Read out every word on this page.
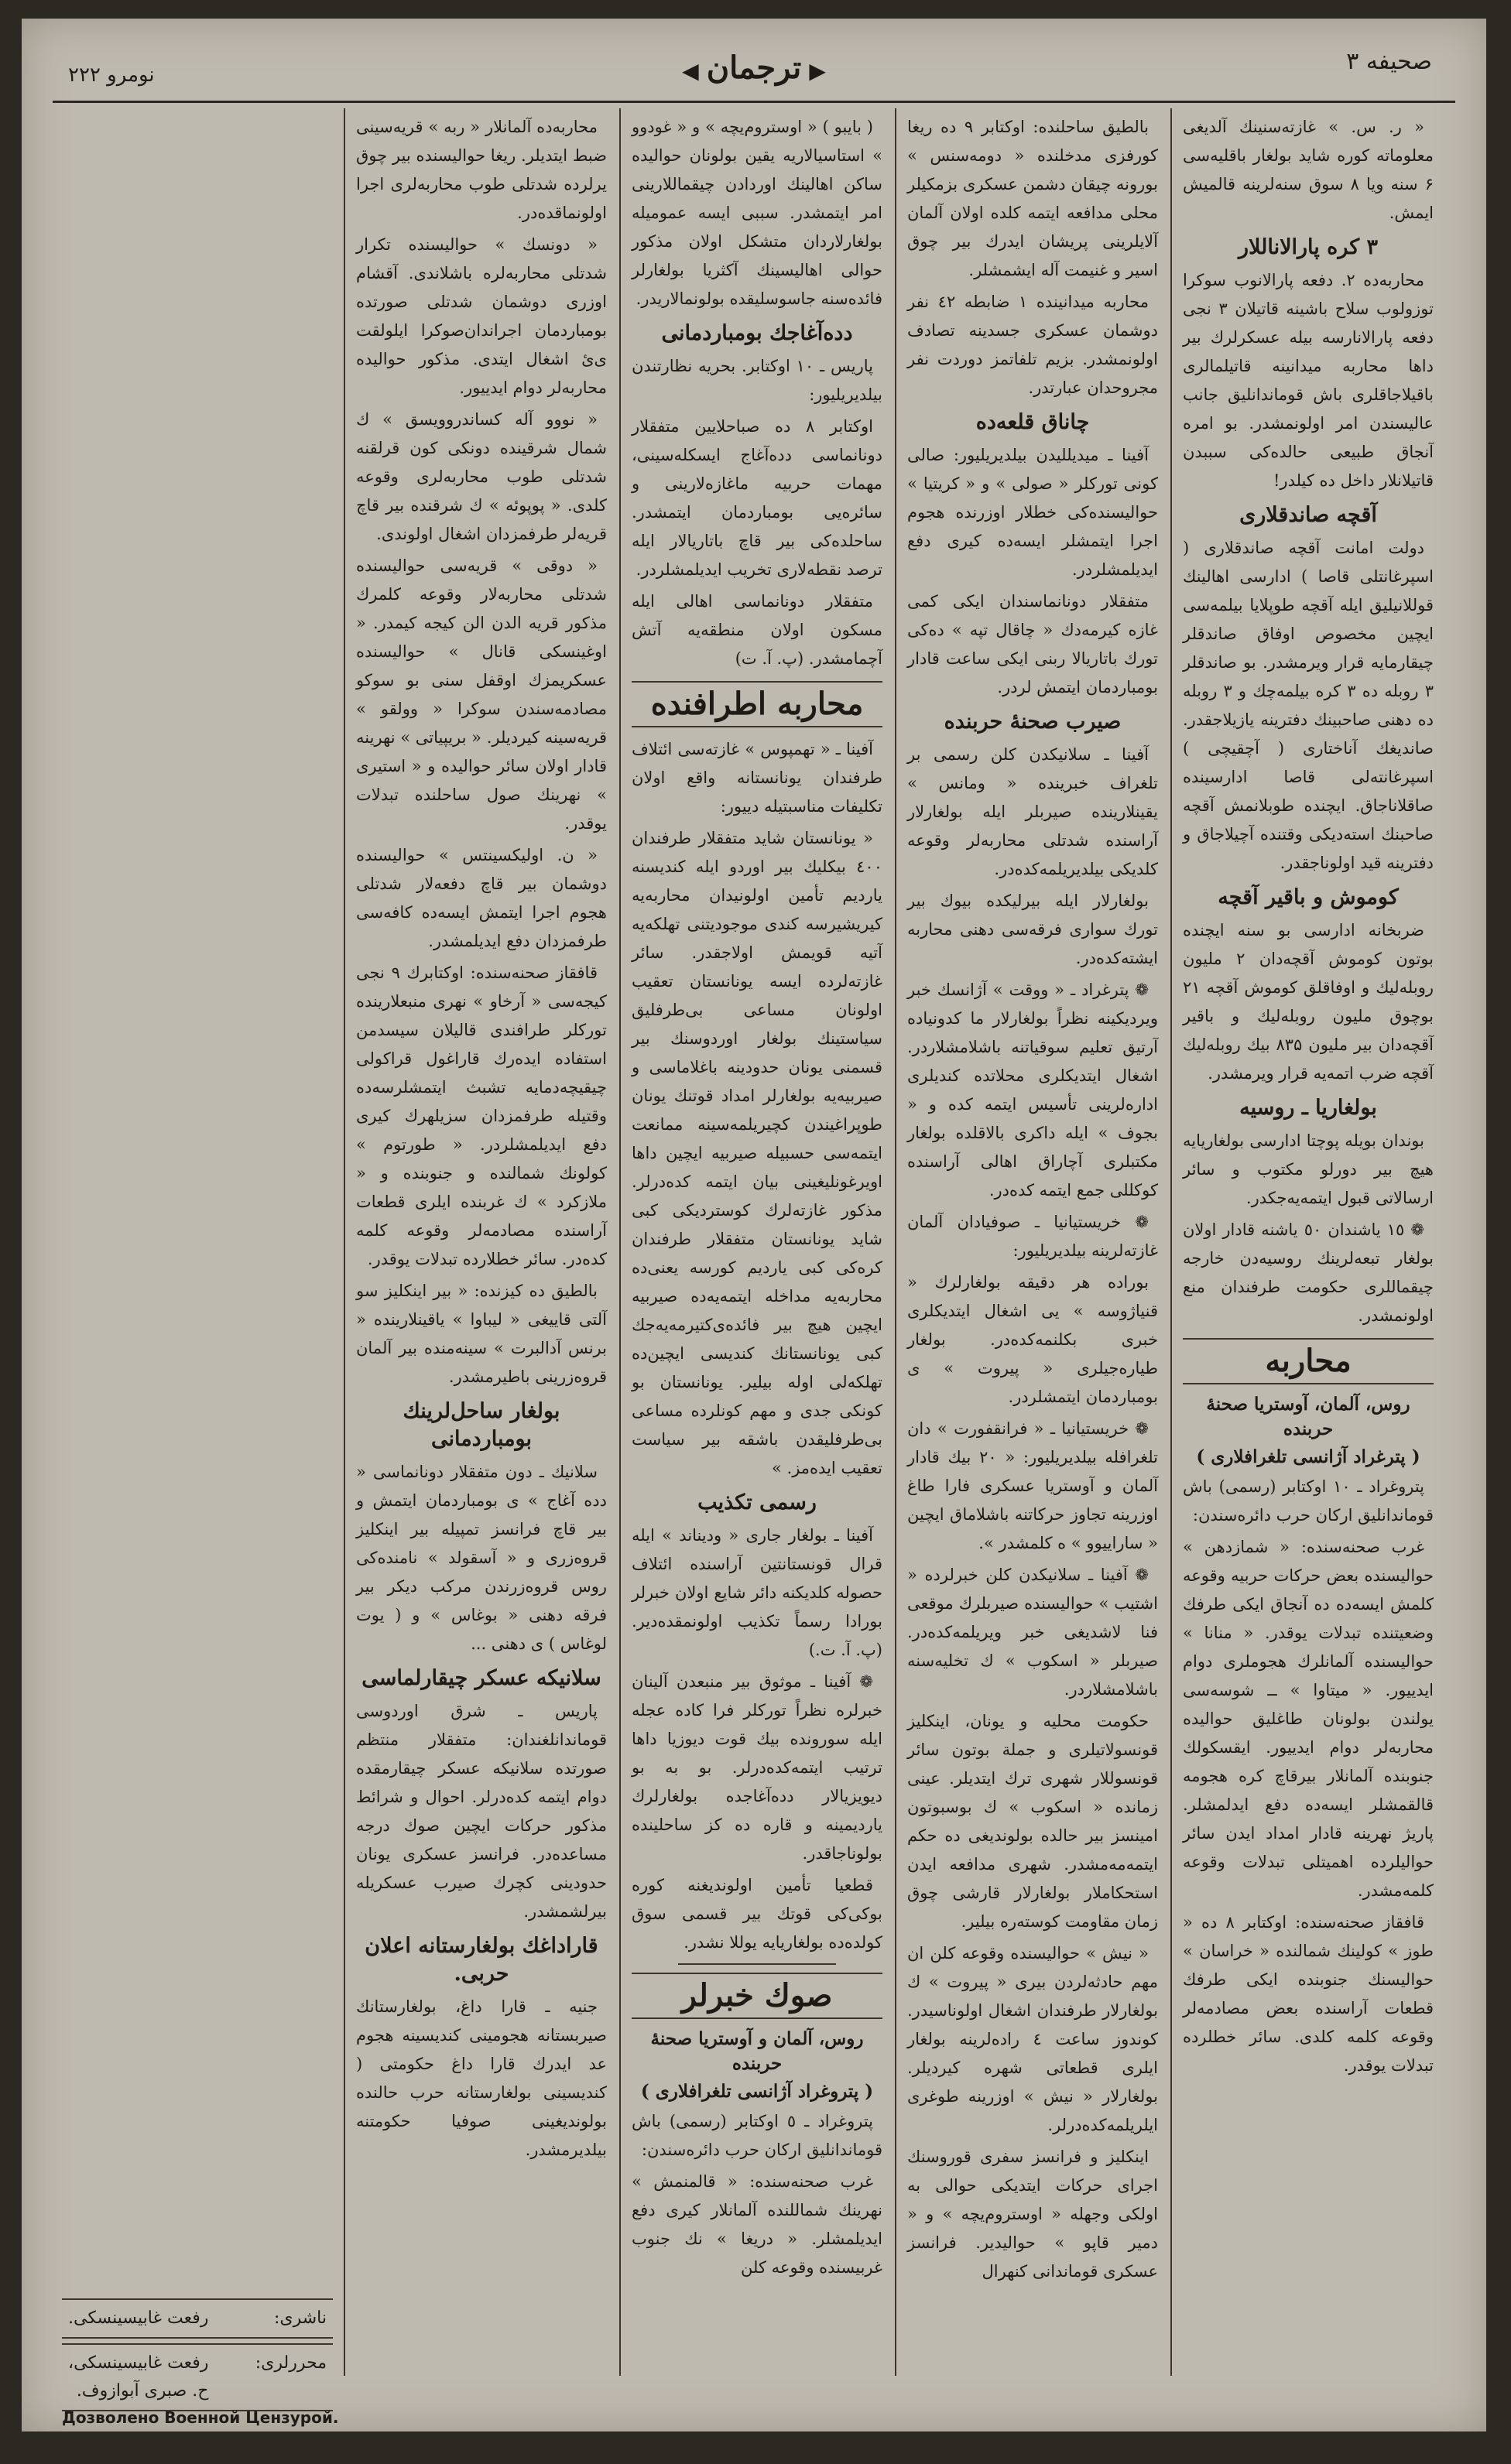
صحیفه ٣
▶ترجمان◀
نومرو ٢٢٢

« ر. س. » غازته‌سنینك آلدیغی معلوماته كوره شاید بولغار باقلیه‌سی ۶ سنه ویا ۸ سوق سنه‌لرینه قالمیش ایمش.

۳ كره پارالاناللار

محاربه‌ده ۲. دفعه پارالانوب سوكرا توزولوب سلاح باشینه قاتیلان ۳ نجی دفعه پارالانارسه بیله عسكرلرك بیر داها محاربه میدانینه قاتیلمالری باقیلاجاقلری باش قوماندانلیق جانب عالیسندن امر اولونمشدر. بو امره آنجاق طبیعی حالده‌كی سببدن قاتیلانلار داخل ده كیلدر!

آقچه صاندقلاری

دولت امانت آقچه صاندقلاری ( اسپرغانتلی قاصا ) ادارسی اهالینك قوللانیلیق ایله آقچه طوپلایا بیلمه‌سی ایچین مخصوص اوفاق صاندقلر چیقارمایه قرار ویرمشدر. بو صاندقلر ۳ روبله ده ۳ كره بیلمه‌چك و ۳ روبله ده دهنی صاحبینك دفترینه یازیلاجقدر. صاندیغك آناختاری ( آچقیچی ) اسپرغانته‌لی قاصا ادارسینده صاقلاناجاق. ایچنده طوبلانمش آقچه صاحبنك استه‌دیكی وقتنده آچیلاجاق و دفترینه قید اولوناجقدر.

كوموش و باقیر آقچه

ضربخانه ادارسی بو سنه ایچنده بوتون كوموش آقچه‌دان ۲ ملیون روبله‌لیك و اوفاقلق كوموش آقچه ۲۱ بوچوق ملیون روبله‌لیك و باقیر آقچه‌دان بیر ملیون ۸۳۵ بیك روبله‌لیك آقچه ضرب اتمه‌یه قرار ویرمشدر.

بولغاریا ـ روسیه

بوندان بویله پوچتا ادارسی بولغاریایه هیچ بیر دورلو مكتوب و سائر ارسالاتی قبول ایتمه‌یه‌جكدر.

❁ ١٥ یاشندان ٥٠ یاشنه قادار اولان بولغار تبعه‌لرینك روسیه‌دن خارجه چیقماللری حكومت طرفندان منع اولونمشدر.

محاربه
روس، آلمان، آوستریا صحنهٔ حربنده
( پترغراد آژانسی تلغرافلاری )

پتروغراد ـ ١٠ اوكتابر (رسمی) باش قوماندانلیق اركان حرب دائره‌سندن:

غرب صحنه‌سنده: « شمازدهن » حوالیسنده بعض حركات حربیه وقوعه كلمش ایسه‌ده ده آنجاق ایكی طرفك وضعیتنده تبدلات یوقدر. « منانا » حوالیسنده آلمانلرك هجوملری دوام ایدییور. « میتاوا » ــ شوسه‌سی یولندن بولونان طاغلیق حوالیده محاربه‌لر دوام ایدییور. ایقسكولك جنوبنده آلمانلار بیرقاچ كره هجومه قالقمشلر ایسه‌ده دفع ایدلمشلر. پاریژ نهرینه قادار امداد ایدن سائر حوالیلرده اهمیتلی تبدلات وقوعه كلمه‌مشدر.

قافقاز صحنه‌سنده: اوكتابر ۸ ده « طوز » كولینك شمالنده « خراسان » حوالیسنك جنوبنده ایكی طرفك قطعات آراسنده بعض مصادمه‌لر وقوعه كلمه كلدی. سائر خطلرده تبدلات یوقدر.

بالطیق ساحلنده: اوكتابر ۹ ده ریغا كورفزی مدخلنده « دومه‌سنس » بورونه چیقان دشمن عسكری بزمكیلر محلی مدافعه ایتمه كلده اولان آلمان آلایلرینی پریشان ایدرك بیر چوق اسیر و غنیمت آله ایشمشلر.

محاربه میدانینده ١ ضابطه ٤٢ نفر دوشمان عسكری جسدینه تصادف اولونمشدر. بزیم تلفاتمز دوردت نفر مجروحدان عبارتدر.

چاناق قلعه‌ده

آفینا ـ میدیللیدن بیلدیریلیور: صالی كونی توركلر « صولی » و « كریتیا » حوالیسنده‌كی خطلار اوزرنده هجوم اجرا ایتمشلر ایسه‌ده كیری دفع ایدیلمشلردر.

متفقلار دونانماسندان ایكی كمی غازه كیرمه‌دك « چاقال تپه » ده‌كی تورك باتاریالا ربنی ایكی ساعت قادار بومباردمان ایتمش لردر.

صیرب صحنهٔ حربنده

آفینا ـ سلانیكدن كلن رسمی بر تلغراف خبرینده « ومانس » یقینلارینده صیربلر ایله بولغارلار آراسنده شدتلی محاربه‌لر وقوعه كلدیكی بیلدیریلمه‌كده‌در.

بولغارلار ایله بیرلیكده بیوك بیر تورك سواری فرقه‌سی دهنی محاربه ایشته‌كده‌در.

❁ پترغراد ـ « ووقت » آژانسك خبر ویردیكینه نظراً بولغارلار ما كدونیاده آرتیق تعلیم سوقیاتنه باشلامشلاردر. اشغال ایتدیكلری محلاتده كندیلری اداره‌لرینی تأسیس ایتمه كده و « بجوف » ایله داكری بالاقلده بولغار مكتبلری آچاراق اهالی آراسنده كوكللی جمع ایتمه كده‌در.

❁ خریستیانیا ـ صوفیادان آلمان غازته‌لرینه بیلدیریلیور:

بوراده هر دقیقه بولغارلرك « قنیاژوسه » یی اشغال ایتدیكلری خبری بكلنمه‌كده‌در. بولغار طیاره‌جیلری « پیروت » ی بومباردمان ایتمشلردر.

❁ خریستیانیا ـ « فرانقفورت » دان تلغرافله بیلدیریلیور: « ۲۰ بیك قادار آلمان و آوستریا عسكری فارا طاغ اوزرینه تجاوز حركاتنه باشلاماق ایچین « ساراییوو » ه كلمشدر ».

❁ آفینا ـ سلانیكدن كلن خبرلرده « اشتیب » حوالیسنده صیربلرك موقعی فنا لاشدیغی خبر ویریلمه‌كده‌در. صیربلر « اسكوب » ك تخلیه‌سنه باشلامشلاردر.

حكومت محلیه و یونان، اینكلیز قونسولاتیلری و جملة بوتون سائر قونسوللار شهری ترك ایتدیلر. عینی زمانده « اسكوب » ك بوسبوتون امینسز بیر حالده بولوندیغی ده حكم ایتمه‌مه‌مشدر. شهری مدافعه ایدن استحكاملار بولغارلار قارشی چوق زمان مقاومت كوسته‌ره بیلیر.

« نیش » حوالیسنده وقوعه كلن ان مهم حادثه‌لردن بیری « پیروت » ك بولغارلار طرفندان اشغال اولوناسیدر. كوندوز ساعت ٤ راده‌لرینه بولغار ایلری قطعاتی شهره كیردیلر. بولغارلار « نیش » اوزرینه طوغری ایلریلمه‌كده‌درلر.

اینكلیز و فرانسز سفری قوروسنك اجرای حركات ایتدیكی حوالی به اولكی وجهله « اوستروم‌یچه » و « دمیر قاپو » حوالیدیر. فرانسز عسكری قوماندانی كنهرال

( بایبو ) « اوستروم‌یچه » و « غودوو » استاسیالاریه یقین بولونان حوالیده ساكن اهالینك اوردادن چیقماللارینی امر ایتمشدر. سببی ایسه عمومیله بولغارلاردان متشكل اولان مذكور حوالی اهالیسینك آكثریا بولغارلر فائده‌سنه جاسوسلیقده بولونمالاریدر.

دده‌آغاجك بومباردمانی

پاریس ـ ١٠ اوكتابر. بحریه نظارتندن بیلدیریلیور:

اوكتابر ۸ ده صباحلایین متفقلار دونانماسی دده‌آغاج ایسكله‌سینی، مهمات حربیه ماغازه‌لارینی و سائره‌یی بومباردمان ایتمشدر. ساحلده‌كی بیر قاچ باتاریالار ایله ترصد نقطه‌لاری تخریب ایدیلمشلردر.

متفقلار دونانماسی اهالی ایله مسكون اولان منطقه‌یه آتش آچمامشدر. (پ. آ. ت)

محاربه اطرافنده

آفینا ـ « تهمپوس » غازته‌سی ائتلاف طرفندان یونانستانه واقع اولان تكلیفات مناسبتیله دییور:

« یونانستان شاید متفقلار طرفندان ٤٠٠ بیكلیك بیر اوردو ایله كندیسنه یاردیم تأمین اولونیدان محاربه‌یه كیریشیرسه كندی موجودیتنی تهلكه‌یه آتیه قویمش اولاجقدر. سائر غازته‌لرده ایسه یونانستان تعقیب اولونان مساعی بی‌طرفلیق سیاستینك بولغار اوردوسنك بیر قسمنی یونان حدودینه باغلاماسی و صیربیه‌یه بولغارلر امداد قوتنك یونان طوپراغیندن كچیریلمه‌سینه ممانعت ایتمه‌سی حسبیله صیربیه ایچین داها اویرغونلیغینی بیان ایتمه كده‌درلر. مذكور غازته‌لرك كوستردیكی كبی شاید یونانستان متفقلار طرفندان كره‌كی كبی یاردیم كورسه یعنی‌ده محاربه‌یه مداخله ایتمه‌یه‌ده صیربیه ایچین هیچ بیر فائده‌ی‌كتیرمه‌یه‌جك كبی یونانستانك كندیسی ایچین‌ده تهلكه‌لی اوله بیلیر. یونانستان بو كونكی جدی و مهم كونلرده مساعی بی‌طرفلیقدن باشقه بیر سیاست تعقیب ایده‌مز. »

رسمی تكذیب

آفینا ـ بولغار جاری « ودیناند » ایله قرال قونستانتین آراسنده ائتلاف حصوله كلدیكنه دائر شایع اولان خبرلر بورادا رسماً تكذیب اولونمقده‌دیر. (پ. آ. ت.)

❁ آفینا ـ موثوق بیر منبعدن آلینان خبرلره نظراً توركلر فرا كاده عجله ایله سورونده بیك قوت دیوزیا داها ترتیب ایتمه‌كده‌درلر. بو به بو دیویزیالار دده‌آغاجده بولغارلرك یاردیمینه و قاره ده كز ساحلینده بولوناجاقدر.

قطعیا تأمین اولوندیغنه كوره بوكی‌كی قوتك بیر قسمی سوق كولده‌ده بولغاریایه یوللا نشدر.

صوك خبرلر
روس، آلمان و آوستریا صحنهٔ حربنده
( پتروغراد آژانسی تلغرافلاری )

پتروغراد ـ ٥ اوكتابر (رسمی) باش قوماندانلیق اركان حرب دائره‌سندن:

غرب صحنه‌سنده: « قالمنمش » نهرینك شماللنده آلمانلار كیری دفع ایدیلمشلر. « دریغا » نك جنوب غربیسنده وقوعه كلن

محاربه‌ده آلمانلار « ربه » قریه‌سینی ضبط ایتدیلر. ریغا حوالیسنده بیر چوق یرلرده شدتلی طوب محاربه‌لری اجرا اولونماقده‌در.

« دونسك » حوالیسنده تكرار شدتلی محاربه‌لره باشلاندی. آقشام اوزری دوشمان شدتلی صورتده بومباردمان اجراندان‌صوكرا ایلولقت ی‌ئ اشغال ایتدی. مذكور حوالیده محاربه‌لر دوام ایدییور.

« نووو آله كساندروویسق » ك شمال شرقینده دونكی كون قرلقنه شدتلی طوب محاربه‌لری وقوعه كلدی. « پوپوئه » ك شرقنده بیر قاچ قریه‌لر طرفمزدان اشغال اولوندی.

« دوقی » قریه‌سی حوالیسنده شدتلی محاربه‌لار وقوعه كلمرك مذكور قریه الدن الن كیجه كیمدر. « اوغینسكی قانال » حواليسنده عسكریمزك اوقفل سنی بو سوكو مصادمه‌سندن سوكرا « وولقو » قریه‌سینه كیردیلر. « بریپیاتی » نهرینه قادار اولان سائر حواليده و « استیری » نهرینك صول ساحلنده تبدلات یوقدر.

« ن. اولیكسینتس » حوالیسنده دوشمان بیر قاچ دفعه‌لار شدتلی هجوم اجرا ایتمش ایسه‌ده كافه‌سی طرفمزدان دفع ایدیلمشدر.

قافقاز صحنه‌سنده: اوكتابرك ۹ نجی كیجه‌سی « آرخاو » نهری منبعلارینده توركلر طرافندی قالیلان سیسدمن استفاده ایده‌رك قاراغول قراكولی چیقیچه‌دمایه تشبث ایتمشلرسه‌ده وقتیله طرفمزدان سزیلهرك كیری دفع ایدیلمشلردر. « طورتوم » كولونك شمالنده و جنوبنده و « ملازكرد » ك غربنده ایلری قطعات آراسنده مصادمه‌لر وقوعه كلمه كده‌در. سائر خطلارده تبدلات یوقدر.

بالطیق ده كیزنده: « بیر اینكلیز سو آلتی قاییغی « لیباوا » یاقینلارینده « برنس آدالبرت » سینه‌منده بیر آلمان قروه‌زرینی باطیرمشدر.

بولغار ساحل‌لرینك بومباردمانی

سلانیك ـ دون متفقلار دونانماسی « دده آغاج » ی بومباردمان ایتمش و بیر قاچ فرانسز تمپیله بیر اینكلیز قروه‌زری و « آسقولد » نامنده‌كی روس قروه‌زرندن مركب دیكر بیر فرقه دهنی « بوغاس » و ( یوت لوغاس ) ی دهنی ...

سلانیكه عسكر چیقارلماسی

پاریس ـ شرق اوردوسی قوماندانلغندان: متفقلار منتظم صورتده سلانیكه عسكر چیقارمقده دوام ایتمه كده‌درلر. احوال و شرائط مذكور حركات ایچین صوك درجه مساعده‌در. فرانسز عسكری یونان حدودینی كچرك صیرب عسكریله بیرلشمشدر.

قاراداغك بولغارستانه اعلان حربی.

جنیه ـ قارا داغ، بولغارستانك صیربستانه هجومینی كندیسینه هجوم عد ایدرك قارا داغ حكومتی ( كندیسینی بولغارستانه حرب حالنده بولوندیغینی صوفیا حكومتنه بیلدیرمشدر.

ناشری:
رفعت غابیسینسكی.
محررلری:
رفعت غابیسینسكی،
ح. صبری آبوازوف.
Дозволено Военной Цензурой.
